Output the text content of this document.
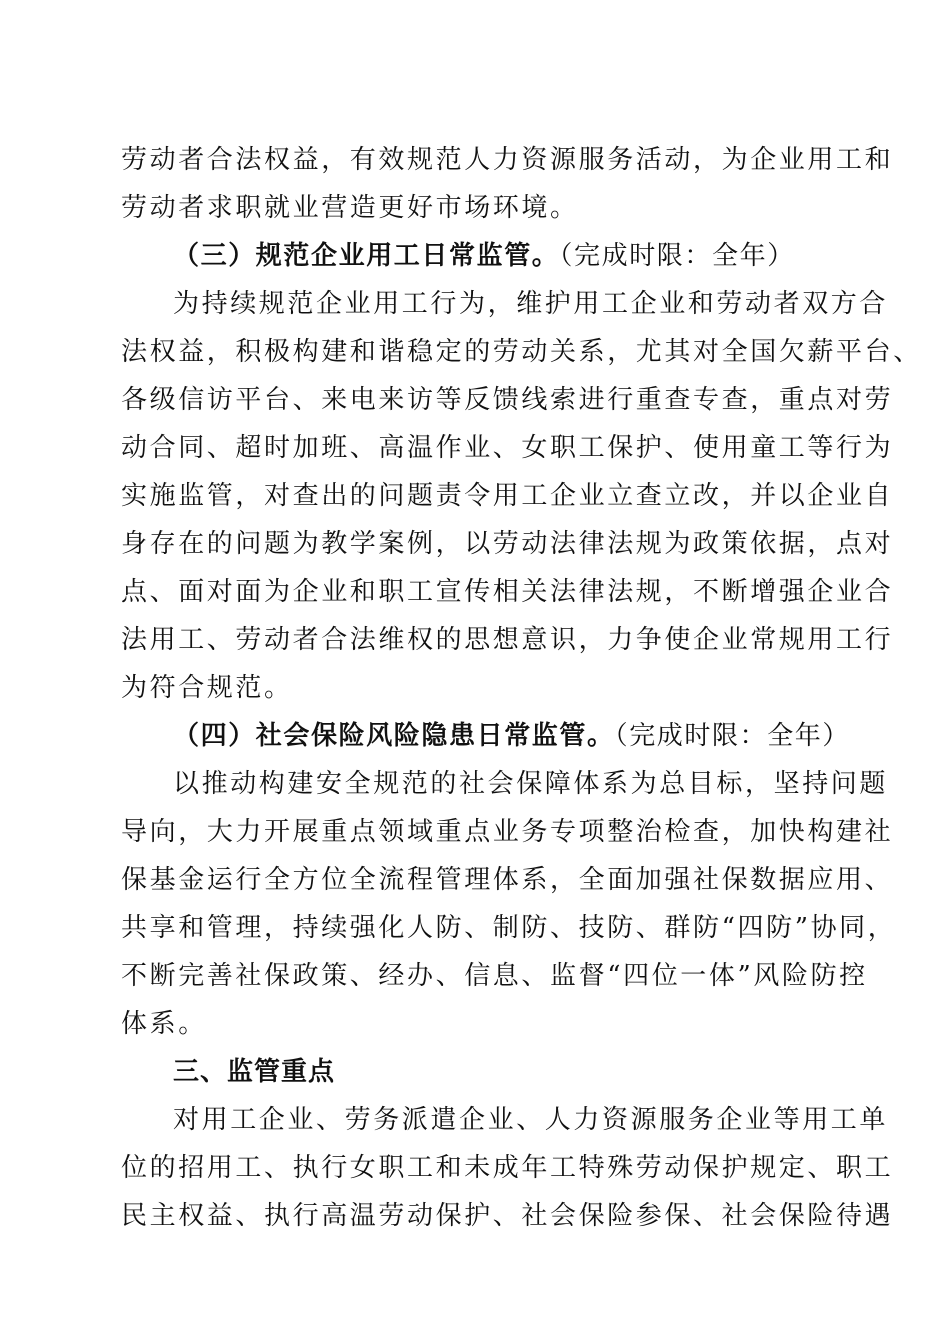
劳动者合法权益，有效规范人力资源服务活动，为企业用工和
劳动者求职就业营造更好市场环境。
（三）规范企业用工日常监管。（完成时限：全年）
为持续规范企业用工行为，维护用工企业和劳动者双方合
法权益，积极构建和谐稳定的劳动关系，尤其对全国欠薪平台、
各级信访平台、来电来访等反馈线索进行重查专查，重点对劳
动合同、超时加班、高温作业、女职工保护、使用童工等行为
实施监管，对查出的问题责令用工企业立查立改，并以企业自
身存在的问题为教学案例，以劳动法律法规为政策依据，点对
点、面对面为企业和职工宣传相关法律法规，不断增强企业合
法用工、劳动者合法维权的思想意识，力争使企业常规用工行
为符合规范。
（四）社会保险风险隐患日常监管。（完成时限：全年）
以推动构建安全规范的社会保障体系为总目标，坚持问题
导向，大力开展重点领域重点业务专项整治检查，加快构建社
保基金运行全方位全流程管理体系，全面加强社保数据应用、
共享和管理，持续强化人防、制防、技防、群防“四防”协同，
不断完善社保政策、经办、信息、监督“四位一体”风险防控
体系。
三、监管重点
对用工企业、劳务派遣企业、人力资源服务企业等用工单
位的招用工、执行女职工和未成年工特殊劳动保护规定、职工
民主权益、执行高温劳动保护、社会保险参保、社会保险待遇
